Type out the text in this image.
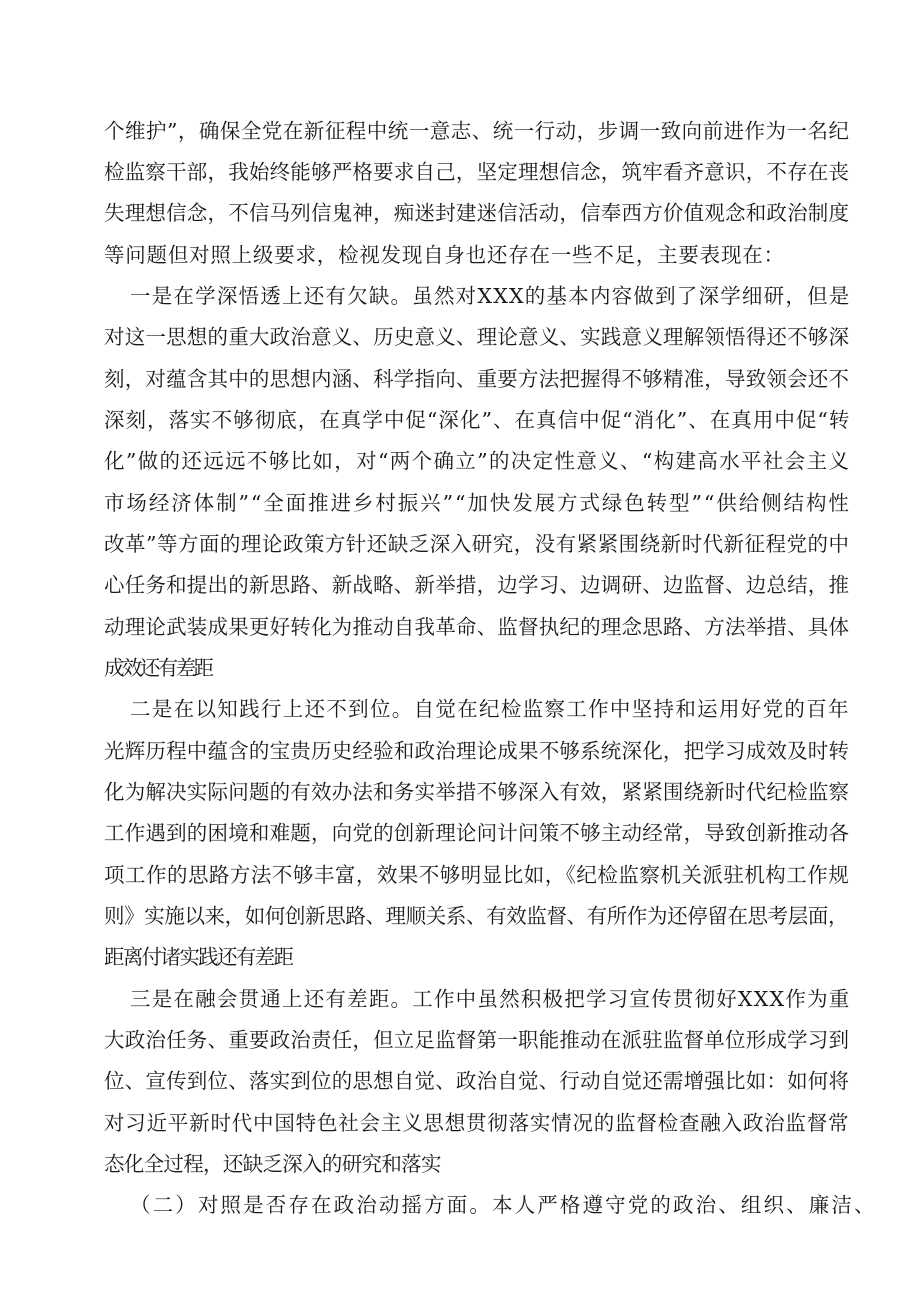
个维护”，确保全党在新征程中统一意志、统一行动，步调一致向前进作为一名纪
检监察干部，我始终能够严格要求自己，坚定理想信念，筑牢看齐意识，不存在丧
失理想信念，不信马列信鬼神，痴迷封建迷信活动，信奉西方价值观念和政治制度
等问题但对照上级要求，检视发现自身也还存在一些不足，主要表现在：
一是在学深悟透上还有欠缺。虽然对XXX的基本内容做到了深学细研，但是
对这一思想的重大政治意义、历史意义、理论意义、实践意义理解领悟得还不够深
刻，对蕴含其中的思想内涵、科学指向、重要方法把握得不够精准，导致领会还不
深刻，落实不够彻底，在真学中促“深化”、在真信中促“消化”、在真用中促“转
化”做的还远远不够比如，对“两个确立”的决定性意义、“构建高水平社会主义
市场经济体制”“全面推进乡村振兴”“加快发展方式绿色转型”“供给侧结构性
改革”等方面的理论政策方针还缺乏深入研究，没有紧紧围绕新时代新征程党的中
心任务和提出的新思路、新战略、新举措，边学习、边调研、边监督、边总结，推
动理论武装成果更好转化为推动自我革命、监督执纪的理念思路、方法举措、具体
成效还有差距
二是在以知践行上还不到位。自觉在纪检监察工作中坚持和运用好党的百年
光辉历程中蕴含的宝贵历史经验和政治理论成果不够系统深化，把学习成效及时转
化为解决实际问题的有效办法和务实举措不够深入有效，紧紧围绕新时代纪检监察
工作遇到的困境和难题，向党的创新理论问计问策不够主动经常，导致创新推动各
项工作的思路方法不够丰富，效果不够明显比如，《纪检监察机关派驻机构工作规
则》实施以来，如何创新思路、理顺关系、有效监督、有所作为还停留在思考层面，
距离付诸实践还有差距
三是在融会贯通上还有差距。工作中虽然积极把学习宣传贯彻好XXX作为重
大政治任务、重要政治责任，但立足监督第一职能推动在派驻监督单位形成学习到
位、宣传到位、落实到位的思想自觉、政治自觉、行动自觉还需增强比如：如何将
对习近平新时代中国特色社会主义思想贯彻落实情况的监督检查融入政治监督常
态化全过程，还缺乏深入的研究和落实
（二）对照是否存在政治动摇方面。本人严格遵守党的政治、组织、廉洁、
